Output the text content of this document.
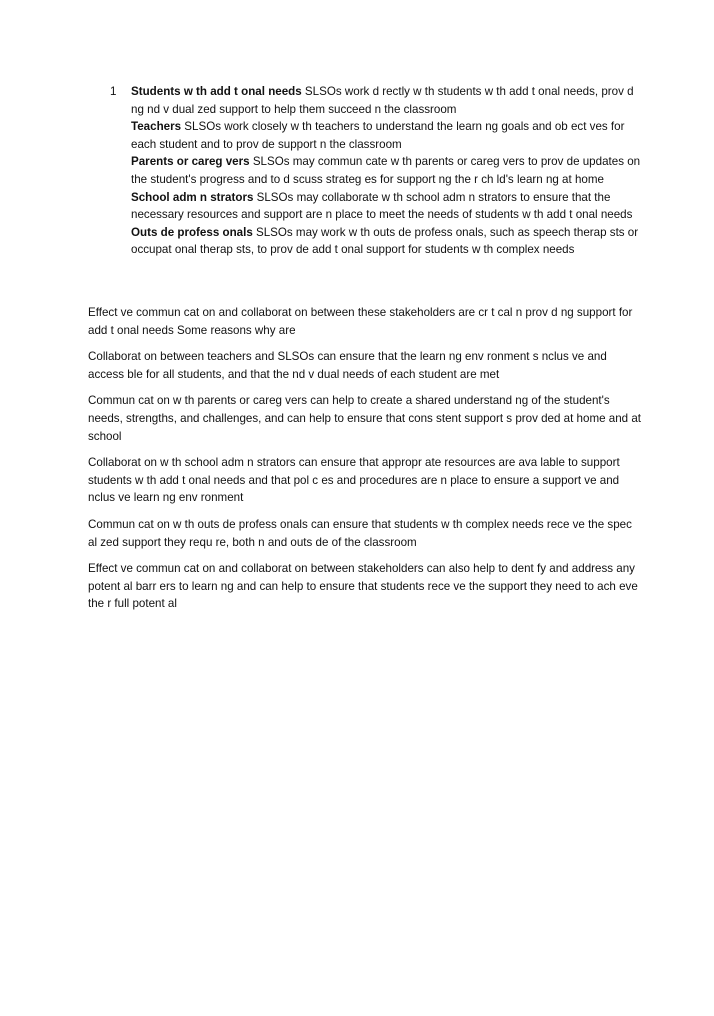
1 Students w th add t onal needs SLSOs work d rectly w th students w th add t onal needs, prov d ng nd v dual zed support to help them succeed n the classroom

Teachers SLSOs work closely w th teachers to understand the learn ng goals and ob ect ves for each student and to prov de support n the classroom

Parents or careg vers SLSOs may commun cate w th parents or careg vers to prov de updates on the student's progress and to d scuss strateg es for support ng the r ch ld's learn ng at home

School adm n strators SLSOs may collaborate w th school adm n strators to ensure that the necessary resources and support are n place to meet the needs of students w th add t onal needs

Outs de profess onals SLSOs may work w th outs de profess onals, such as speech therap sts or occupat onal therap sts, to prov de add t onal support for students w th complex needs

Effect ve commun cat on and collaborat on between these stakeholders are cr t cal n prov d ng support for add t onal needs Some reasons why are

Collaborat on between teachers and SLSOs can ensure that the learn ng env ronment s nclus ve and access ble for all students, and that the nd v dual needs of each student are met

Commun cat on w th parents or careg vers can help to create a shared understand ng of the student's needs, strengths, and challenges, and can help to ensure that cons stent support s prov ded at home and at school

Collaborat on w th school adm n strators can ensure that appropr ate resources are ava lable to support students w th add t onal needs and that pol c es and procedures are n place to ensure a support ve and nclus ve learn ng env ronment

Commun cat on w th outs de profess onals can ensure that students w th complex needs rece ve the spec al zed support they requ re, both n and outs de of the classroom

Effect ve commun cat on and collaborat on between stakeholders can also help to dent fy and address any potent al barr ers to learn ng and can help to ensure that students rece ve the support they need to ach eve the r full potent al
